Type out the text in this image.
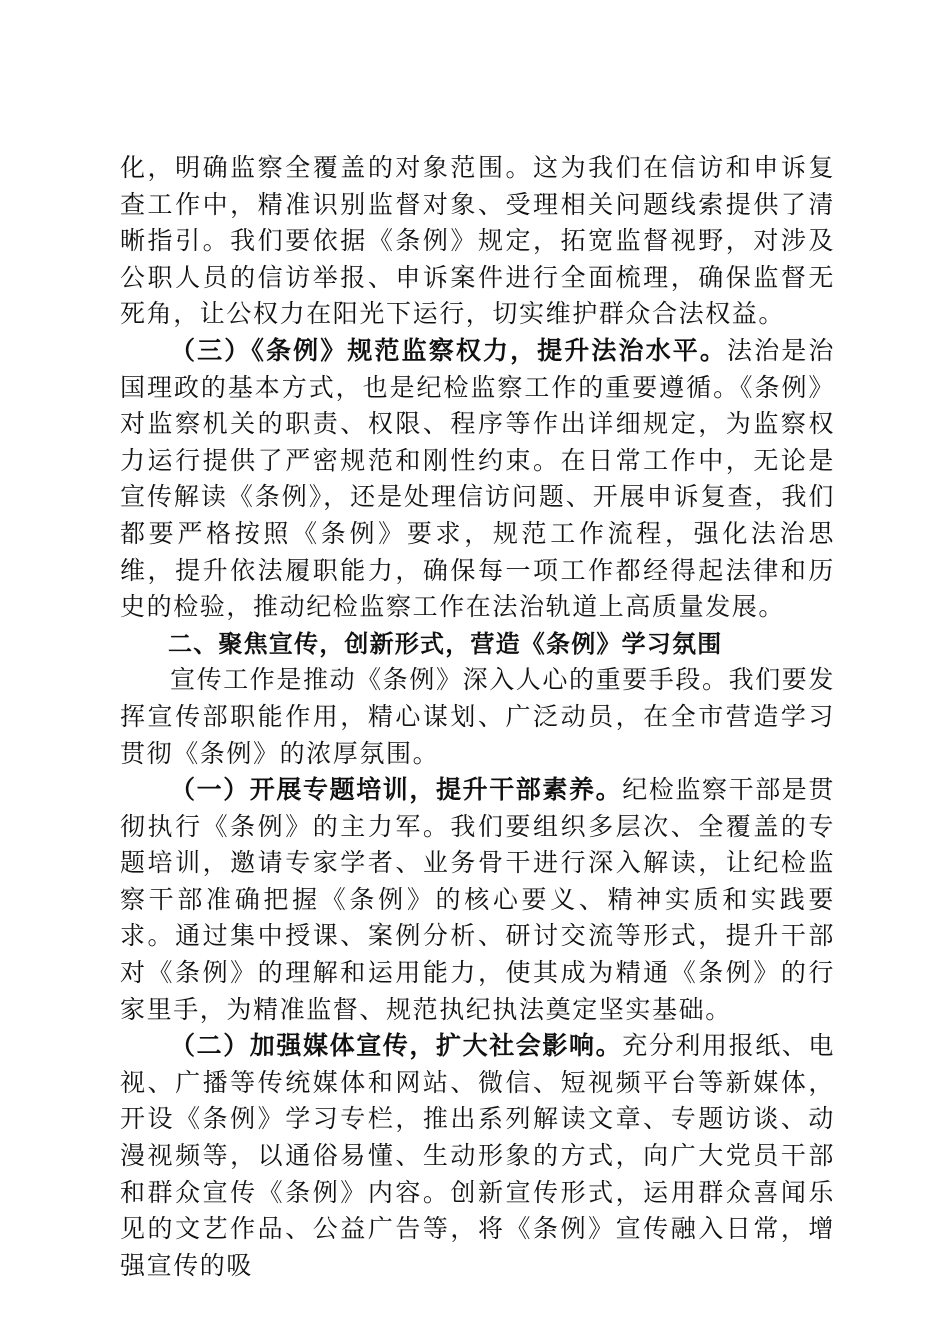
化，明确监察全覆盖的对象范围。这为我们在信访和申诉复查工作中，精准识别监督对象、受理相关问题线索提供了清晰指引。我们要依据《条例》规定，拓宽监督视野，对涉及公职人员的信访举报、申诉案件进行全面梳理，确保监督无死角，让公权力在阳光下运行，切实维护群众合法权益。

（三）《条例》规范监察权力，提升法治水平。法治是治国理政的基本方式，也是纪检监察工作的重要遵循。《条例》对监察机关的职责、权限、程序等作出详细规定，为监察权力运行提供了严密规范和刚性约束。在日常工作中，无论是宣传解读《条例》，还是处理信访问题、开展申诉复查，我们都要严格按照《条例》要求，规范工作流程，强化法治思维，提升依法履职能力，确保每一项工作都经得起法律和历史的检验，推动纪检监察工作在法治轨道上高质量发展。

二、聚焦宣传，创新形式，营造《条例》学习氛围

宣传工作是推动《条例》深入人心的重要手段。我们要发挥宣传部职能作用，精心谋划、广泛动员，在全市营造学习贯彻《条例》的浓厚氛围。

（一）开展专题培训，提升干部素养。纪检监察干部是贯彻执行《条例》的主力军。我们要组织多层次、全覆盖的专题培训，邀请专家学者、业务骨干进行深入解读，让纪检监察干部准确把握《条例》的核心要义、精神实质和实践要求。通过集中授课、案例分析、研讨交流等形式，提升干部对《条例》的理解和运用能力，使其成为精通《条例》的行家里手，为精准监督、规范执纪执法奠定坚实基础。

（二）加强媒体宣传，扩大社会影响。充分利用报纸、电视、广播等传统媒体和网站、微信、短视频平台等新媒体，开设《条例》学习专栏，推出系列解读文章、专题访谈、动漫视频等，以通俗易懂、生动形象的方式，向广大党员干部和群众宣传《条例》内容。创新宣传形式，运用群众喜闻乐见的文艺作品、公益广告等，将《条例》宣传融入日常，增强宣传的吸
